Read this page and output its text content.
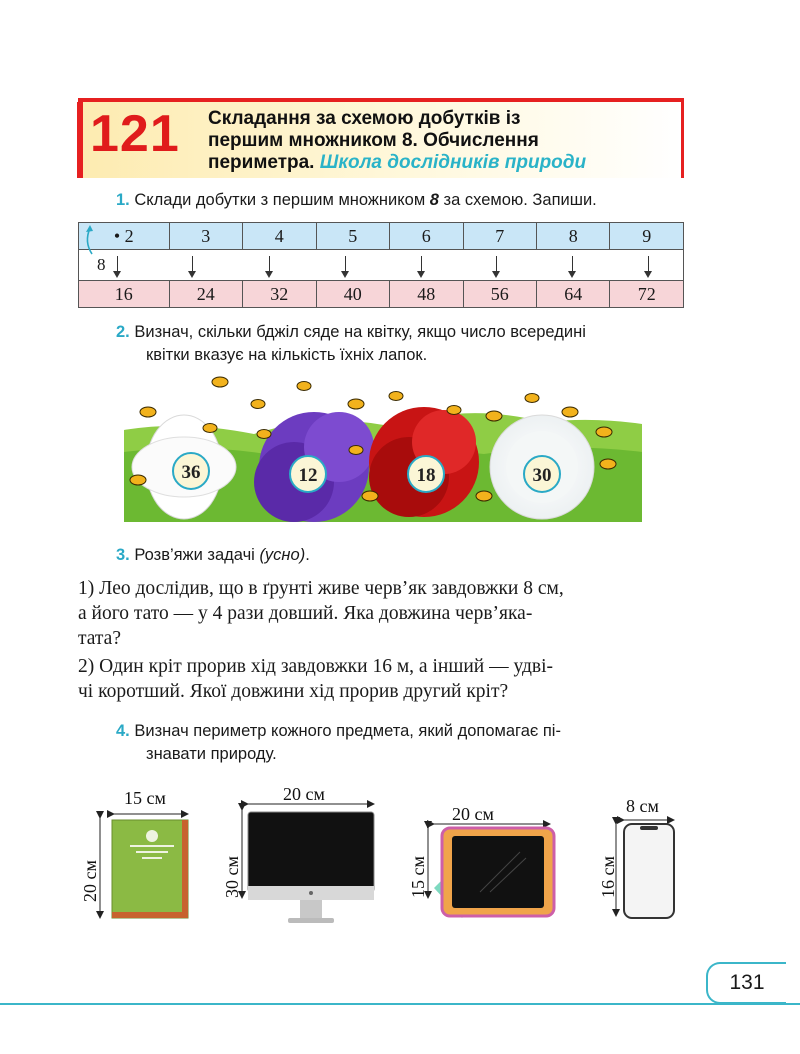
121 Складання за схемою добутків із
першим множником 8. Обчислення
периметра. Школа дослідників природи
1. Склади добутки з першим множником 8 за схемою. Запиши.
• 2	3	4	5	6	7	8	9
8							
16	24	32	40	48	56	64	72
2. Визнач, скільки бджіл сяде на квітку, якщо число всередині
квітки вказує на кількість їхніх лапок.
36	12	18	30
3. Розв’яжи задачі (усно).
1) Лео дослідив, що в ґрунті живе черв’як завдовжки 8 см,
а його тато — у 4 рази довший. Яка довжина черв’яка-
тата?
2) Один кріт прорив хід завдовжки 16 м, а інший — удві-
чі коротший. Якої довжини хід прорив другий кріт?
4. Визнач периметр кожного предмета, який допомагає пі-
знавати природу.
15 см
20 см
20 см
30 см
20 см
15 см
8 см
16 см
131
